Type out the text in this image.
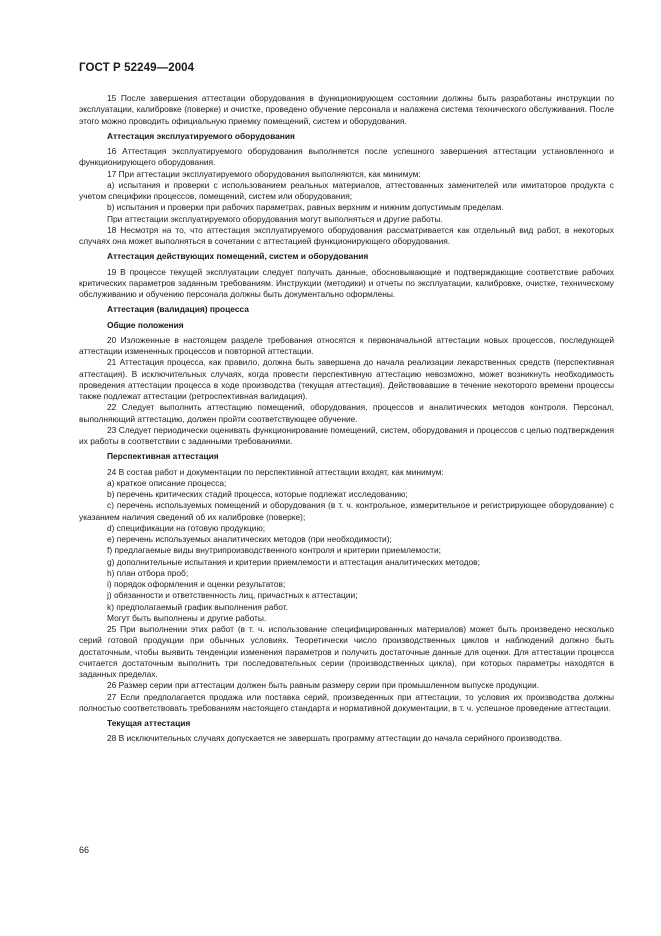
ГОСТ Р 52249—2004

15 После завершения аттестации оборудования в функционирующем состоянии должны быть разработаны инструкции по эксплуатации, калибровке (поверке) и очистке, проведено обучение персонала и налажена система технического обслуживания. После этого можно проводить официальную приемку помещений, систем и оборудования.

Аттестация эксплуатируемого оборудования

16 Аттестация эксплуатируемого оборудования выполняется после успешного завершения аттестации установленного и функционирующего оборудования.

17 При аттестации эксплуатируемого оборудования выполняются, как минимум:

а) испытания и проверки с использованием реальных материалов, аттестованных заменителей или имитаторов продукта с учетом специфики процессов, помещений, систем или оборудования;

b) испытания и проверки при рабочих параметрах, равных верхним и нижним допустимым пределам.

При аттестации эксплуатируемого оборудования могут выполняться и другие работы.

18 Несмотря на то, что аттестация эксплуатируемого оборудования рассматривается как отдельный вид работ, в некоторых случаях она может выполняться в сочетании с аттестацией функционирующего оборудования.

Аттестация действующих помещений, систем и оборудования

19 В процессе текущей эксплуатации следует получать данные, обосновывающие и подтверждающие соответствие рабочих критических параметров заданным требованиям. Инструкции (методики) и отчеты по эксплуатации, калибровке, очистке, техническому обслуживанию и обучению персонала должны быть документально оформлены.

Аттестация (валидация) процесса

Общие положения

20 Изложенные в настоящем разделе требования относятся к первоначальной аттестации новых процессов, последующей аттестации измененных процессов и повторной аттестации.

21 Аттестация процесса, как правило, должна быть завершена до начала реализации лекарственных средств (перспективная аттестация). В исключительных случаях, когда провести перспективную аттестацию невозможно, может возникнуть необходимость проведения аттестации процесса в ходе производства (текущая аттестация). Действовавшие в течение некоторого времени процессы также подлежат аттестации (ретроспективная валидация).

22 Следует выполнить аттестацию помещений, оборудования, процессов и аналитических методов контроля. Персонал, выполняющий аттестацию, должен пройти соответствующее обучение.

23 Следует периодически оценивать функционирование помещений, систем, оборудования и процессов с целью подтверждения их работы в соответствии с заданными требованиями.

Перспективная аттестация

24 В состав работ и документации по перспективной аттестации входят, как минимум:

а) краткое описание процесса;

b) перечень критических стадий процесса, которые подлежат исследованию;

с) перечень используемых помещений и оборудования (в т. ч. контрольное, измерительное и регистрирующее оборудование) с указанием наличия сведений об их калибровке (поверке);

d) спецификации на готовую продукцию;

е) перечень используемых аналитических методов (при необходимости);

f) предлагаемые виды внутрипроизводственного контроля и критерии приемлемости;

g) дополнительные испытания и критерии приемлемости и аттестация аналитических методов;

h) план отбора проб;

i) порядок оформления и оценки результатов;

j) обязанности и ответственность лиц, причастных к аттестации;

k) предполагаемый график выполнения работ.

Могут быть выполнены и другие работы.

25 При выполнении этих работ (в т. ч. использование специфицированных материалов) может быть произведено несколько серий готовой продукции при обычных условиях. Теоретически число производственных циклов и наблюдений должно быть достаточным, чтобы выявить тенденции изменения параметров и получить достаточные данные для оценки. Для аттестации процесса считается достаточным выполнить три последовательных серии (производственных цикла), при которых параметры находятся в заданных пределах.

26 Размер серии при аттестации должен быть равным размеру серии при промышленном выпуске продукции.

27 Если предполагается продажа или поставка серий, произведенных при аттестации, то условия их производства должны полностью соответствовать требованиям настоящего стандарта и нормативной документации, в т. ч. успешное проведение аттестации.

Текущая аттестация

28 В исключительных случаях допускается не завершать программу аттестации до начала серийного производства.

66
